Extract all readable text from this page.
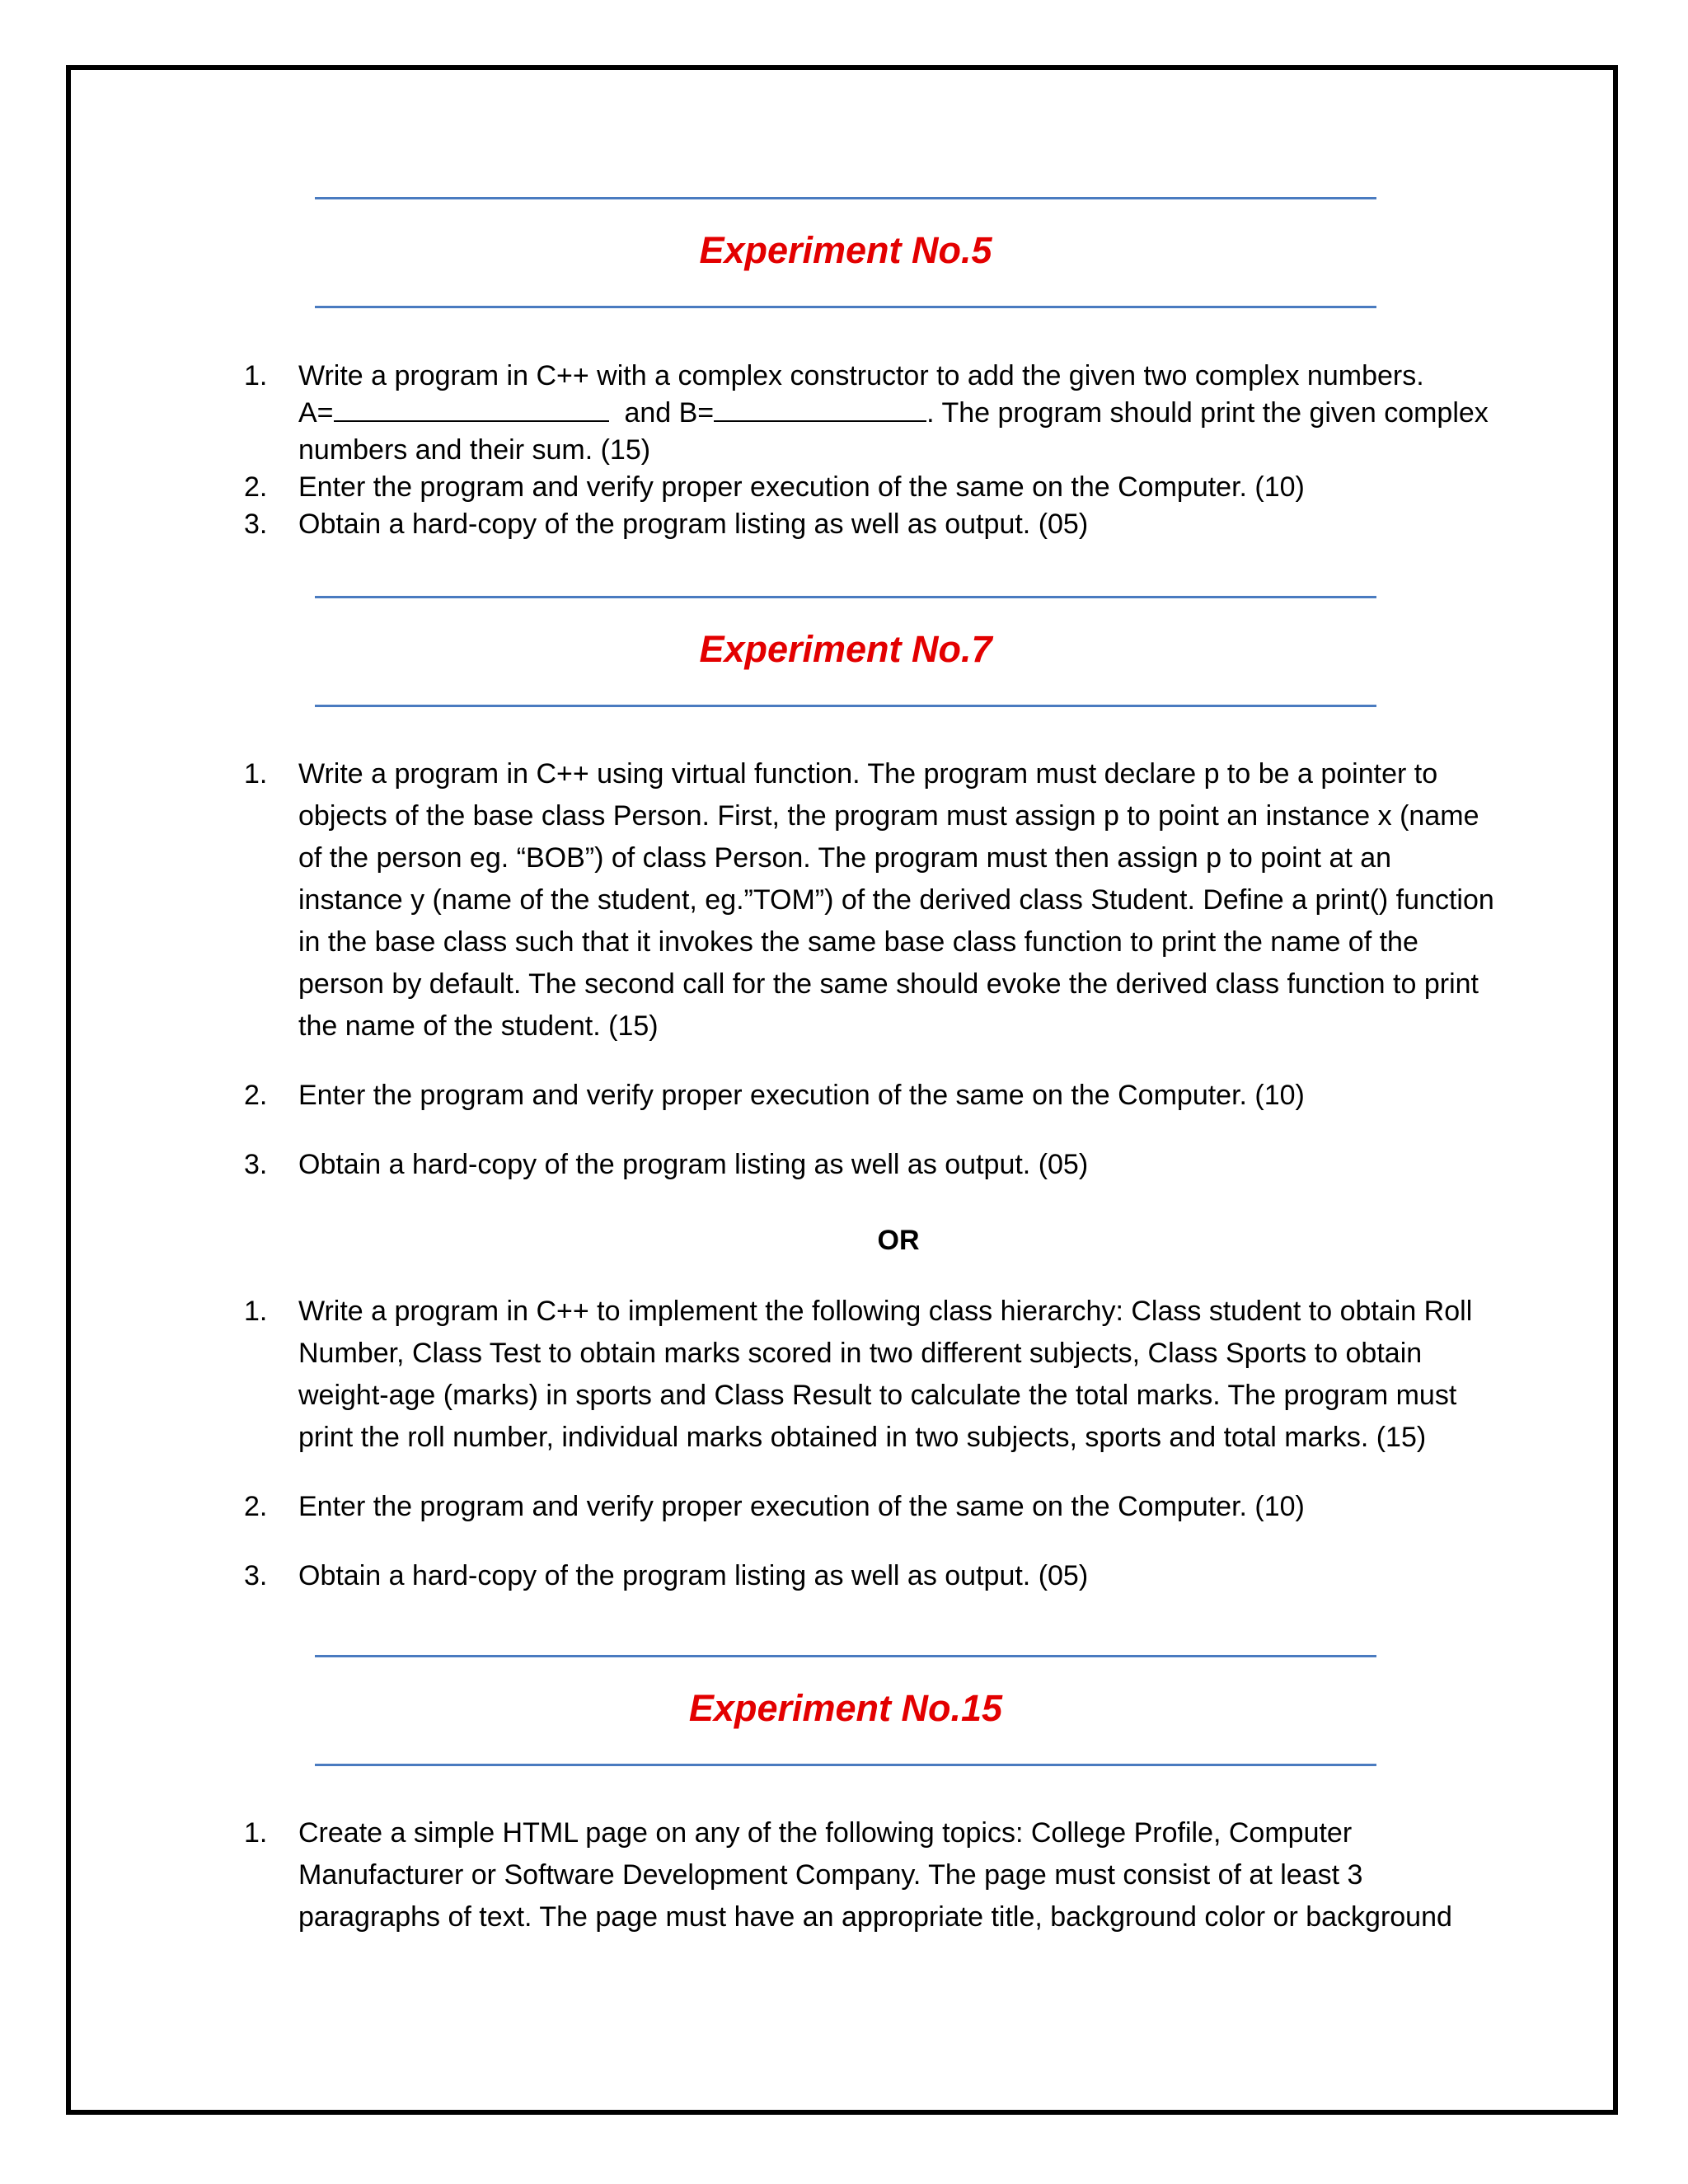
Experiment No.5
1.	Write a program in C++ with a complex constructor to add the given two complex numbers.
A=	and B=	. The program should print the given complex
numbers and their sum. (15)
2.	Enter the program and verify proper execution of the same on the Computer. (10)
3.	Obtain a hard-copy of the program listing as well as output. (05)
Experiment No.7
1.	Write a program in C++ using virtual function. The program must declare p to be a pointer to objects of the base class Person. First, the program must assign p to point an instance x (name of the person eg. “BOB”) of class Person. The program must then assign p to point at an instance y (name of the student, eg.”TOM”) of the derived class Student. Define a print() function in the base class such that it invokes the same base class function to print the name of the person by default. The second call for the same should evoke the derived class function to print the name of the student. (15)
2.	Enter the program and verify proper execution of the same on the Computer. (10)
3.	Obtain a hard-copy of the program listing as well as output. (05)
OR
1.	Write a program in C++ to implement the following class hierarchy: Class student to obtain Roll Number, Class Test to obtain marks scored in two different subjects, Class Sports to obtain weight-age (marks) in sports and Class Result to calculate the total marks. The program must print the roll number, individual marks obtained in two subjects, sports and total marks. (15)
2.	Enter the program and verify proper execution of the same on the Computer. (10)
3.	Obtain a hard-copy of the program listing as well as output. (05)
Experiment No.15
1.	Create a simple HTML page on any of the following topics: College Profile, Computer Manufacturer or Software Development Company. The page must consist of at least 3 paragraphs of text. The page must have an appropriate title, background color or background
